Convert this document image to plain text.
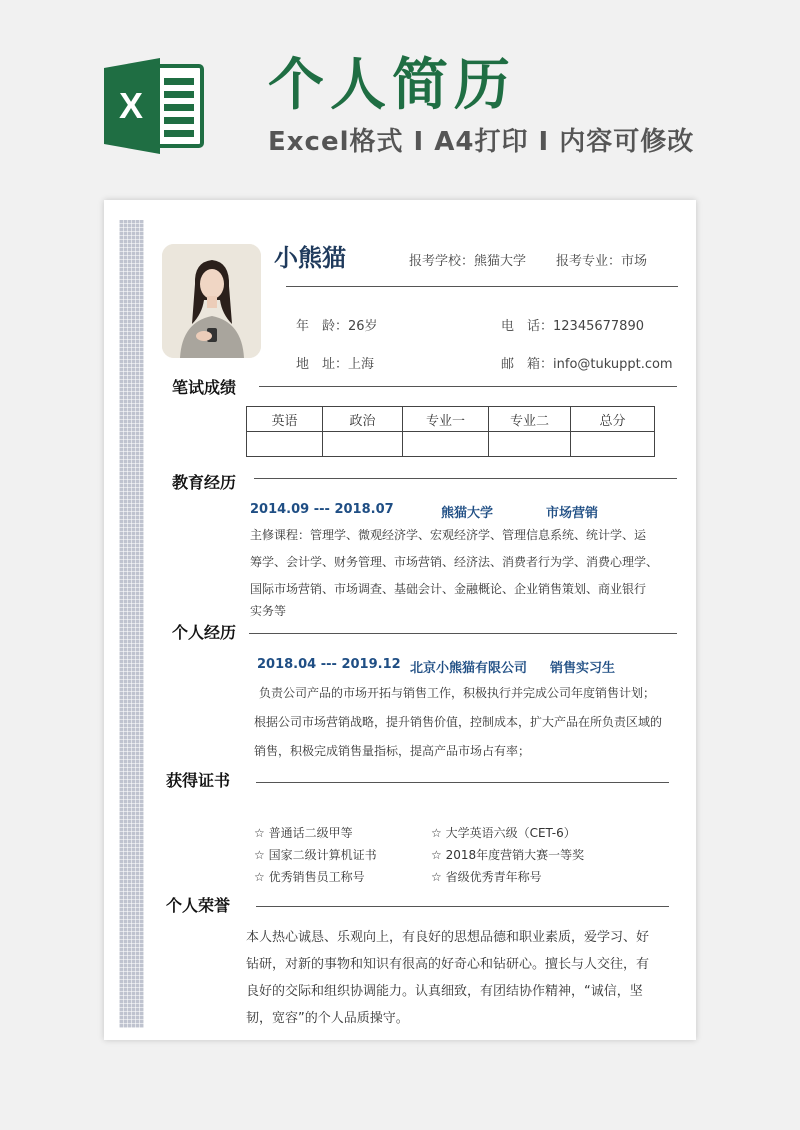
X 个人简历
Excel格式 I A4打印 I 内容可修改
小熊猫	报考学校：熊猫大学 报考专业：市场
年　龄：26岁	电　话：12345677890
地　址：上海	邮　箱：info@tukuppt.com
笔试成绩
英语	政治	专业一	专业二	总分

教育经历
2014.09 --- 2018.07	熊猫大学	市场营销
主修课程：管理学、微观经济学、宏观经济学、管理信息系统、统计学、运
筹学、会计学、财务管理、市场营销、经济法、消费者行为学、消费心理学、
国际市场营销、市场调查、基础会计、金融概论、企业销售策划、商业银行
实务等
个人经历
2018.04 --- 2019.12 北京小熊猫有限公司 销售实习生
负责公司产品的市场开拓与销售工作，积极执行并完成公司年度销售计划；
根据公司市场营销战略，提升销售价值，控制成本，扩大产品在所负责区域的
销售，积极完成销售量指标，提高产品市场占有率；
获得证书
☆ 普通话二级甲等
☆ 国家二级计算机证书
☆ 优秀销售员工称号
☆ 大学英语六级（CET-6）
☆ 2018年度营销大赛一等奖
☆ 省级优秀青年称号
个人荣誉
本人热心诚恳、乐观向上，有良好的思想品德和职业素质，爱学习、好
钻研，对新的事物和知识有很高的好奇心和钻研心。擅长与人交往，有
良好的交际和组织协调能力。认真细致，有团结协作精神，“诚信，坚
韧，宽容”的个人品质操守。
